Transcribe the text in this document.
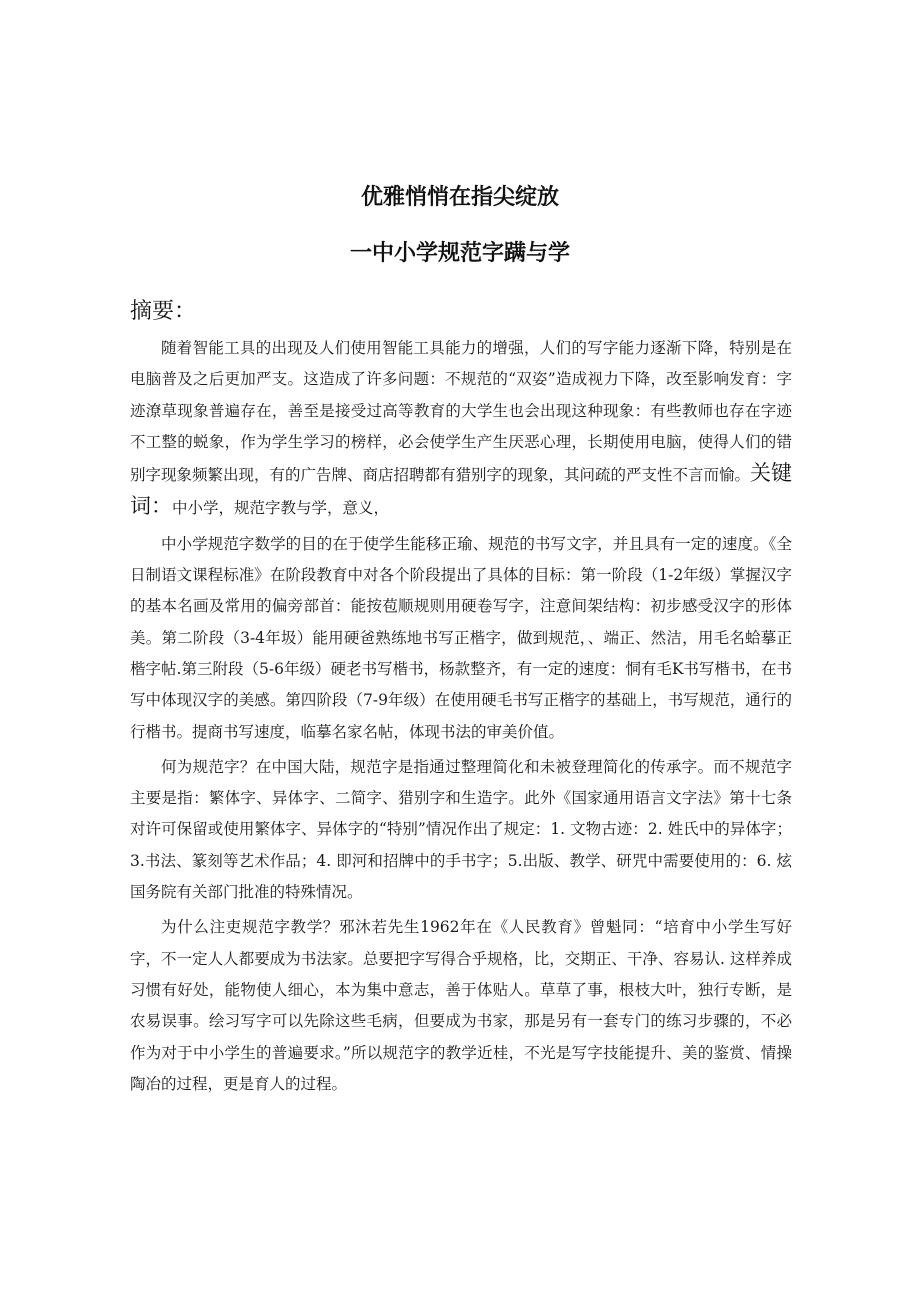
优雅悄悄在指尖绽放
一中小学规范字蹒与学
摘要：

随着智能工具的出现及人们使用智能工具能力的增强，人们的写字能力逐渐下降，特别是在电脑普及之后更加严支。这造成了许多问题：不规范的“双姿”造成视力下降，改至影响发育：字迹潦草现象普遍存在，善至是接受过高等教育的大学生也会出现这种现象：有些教师也存在字迹不工整的蜕象，作为学生学习的榜样，必会使学生产生厌恶心理，长期使用电脑，使得人们的错别字现象频繁出现，有的广告牌、商店招聘都有猎别字的现象，其问疏的严支性不言而愉。关键词：中小学，规范字教与学，意义，

中小学规范字数学的目的在于使学生能移正瑜、规范的书写文字，并且具有一定的速度。《全日制语文课程标准》在阶段教育中对各个阶段提出了具体的目标：第一阶段（1-2年级）掌握汉字的基本名画及常用的偏旁部首：能按苞顺规则用硬卷写字，注意间架结构：初步感受汉字的形体美。第二阶段（3-4年圾）能用硬爸熟练地书写正楷字，做到规范，、端正、然洁，用毛名蛤摹正楷字帖.第三附段（5-6年级）硬老书写楷书，杨款整齐，有一定的速度：恫有毛K书写楷书，在书写中体现汉字的美感。第四阶段（7-9年级）在使用硬毛书写正楷字的基础上，书写规范，通行的行楷书。提商书写速度，临摹名家名帖，体现书法的审美价值。

何为规范字？在中国大陆，规范字是指通过整理简化和未被登理简化的传承字。而不规范字主要是指：繁体字、异体字、二简字、猎别字和生造字。此外《国家通用语言文字法》第十七条对许可保留或使用繁体字、异体字的“特别”情况作出了规定：1. 文物古迹：2. 姓氏中的异体字；3.书法、篆刻等艺术作品；4. 即河和招牌中的手书字；5.出版、教学、研咒中需要使用的：6. 炫国务院有关部门批准的特殊情况。

为什么注吏规范字教学？邪沐若先生1962年在《人民教育》曾魁同：“培育中小学生写好字，不一定人人都要成为书法家。总要把字写得合乎规格，比，交期正、干净、容易认. 这样养成习惯有好处，能物使人细心，本为集中意志，善于体贴人。草草了事，根枝大叶，独行专断，是农易误事。绘习写字可以先除这些毛病，但要成为书家，那是另有一套专门的练习步骤的，不必作为对于中小学生的普遍要求。”所以规范字的教学近桂，不光是写字技能提升、美的鉴赏、情操陶冶的过程，更是育人的过程。
